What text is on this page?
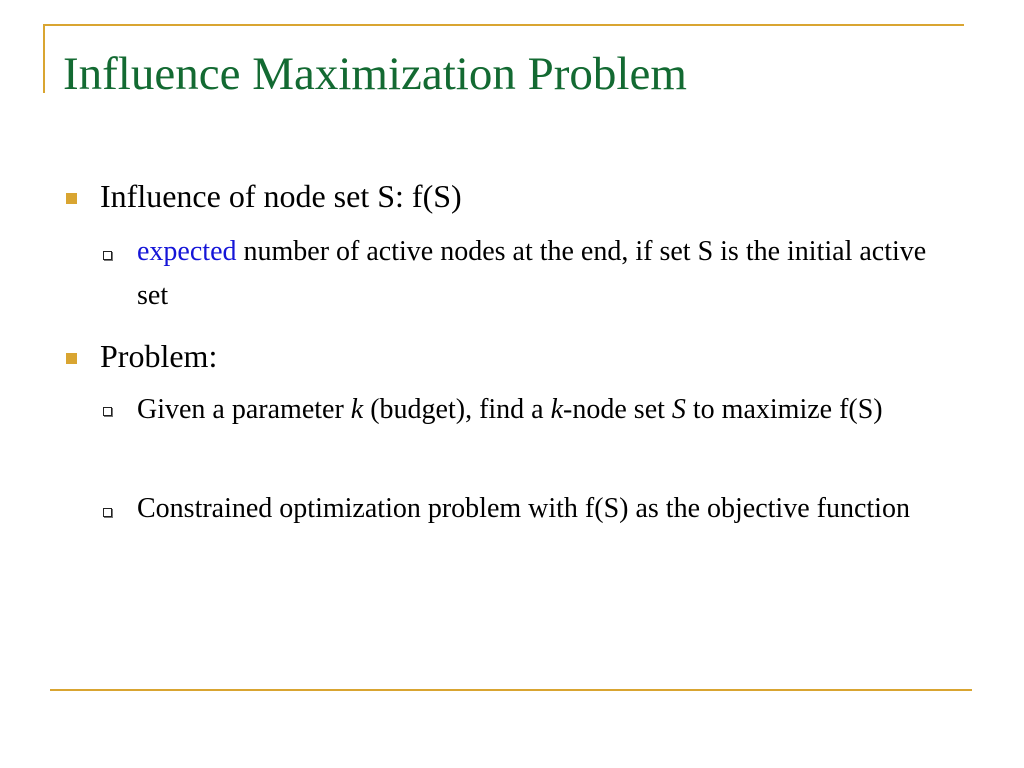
Influence Maximization Problem
Influence of node set S: f(S)
expected number of active nodes at the end, if set S is the initial active set
Problem:
Given a parameter k (budget), find a k-node set S to maximize f(S)
Constrained optimization problem with f(S) as the objective function
